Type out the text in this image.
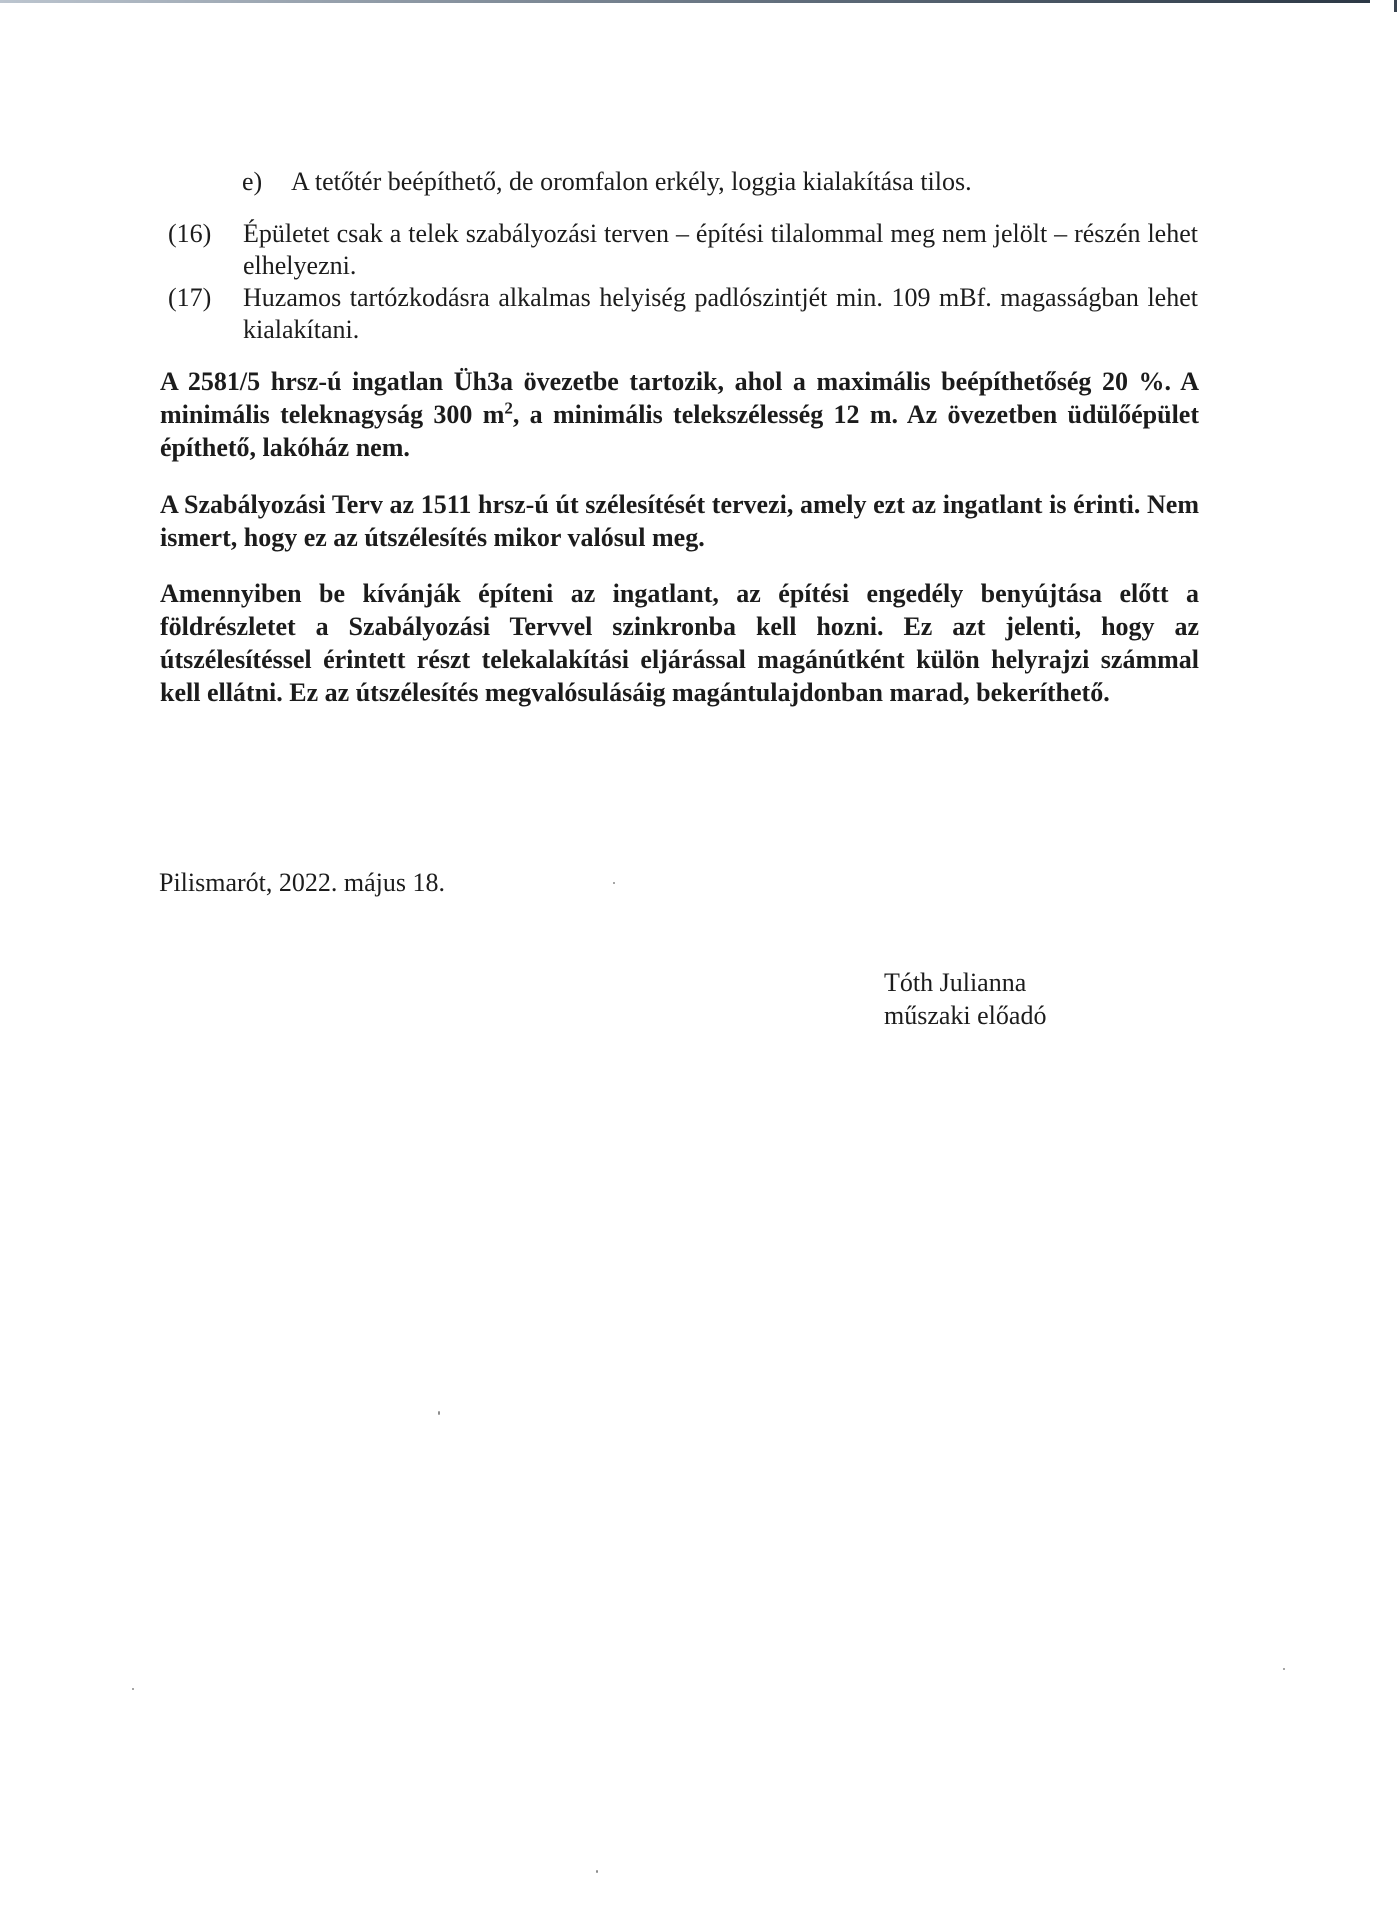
e) A tetőtér beépíthető, de oromfalon erkély, loggia kialakítása tilos.
(16) Épületet csak a telek szabályozási terven – építési tilalommal meg nem jelölt – részén lehet elhelyezni.
(17) Huzamos tartózkodásra alkalmas helyiség padlószintjét min. 109 mBf. magasságban lehet kialakítani.
A 2581/5 hrsz-ú ingatlan Üh3a övezetbe tartozik, ahol a maximális beépíthetőség 20 %. A minimális teleknagyság 300 $m^2$, a minimális telekszélesség 12 m. Az övezetben üdülőépület építhető, lakóház nem.
A Szabályozási Terv az 1511 hrsz-ú út szélesítését tervezi, amely ezt az ingatlant is érinti. Nem ismert, hogy ez az útszélesítés mikor valósul meg.
Amennyiben be kívánják építeni az ingatlant, az építési engedély benyújtása előtt a földrészletet a Szabályozási Tervvel szinkronba kell hozni. Ez azt jelenti, hogy az útszélesítéssel érintett részt telekalakítási eljárással magánútként külön helyrajzi számmal kell ellátni. Ez az útszélesítés megvalósulásáig magántulajdonban marad, bekeríthető.
Pilismarót, 2022. május 18.
Tóth Julianna
műszaki előadó
